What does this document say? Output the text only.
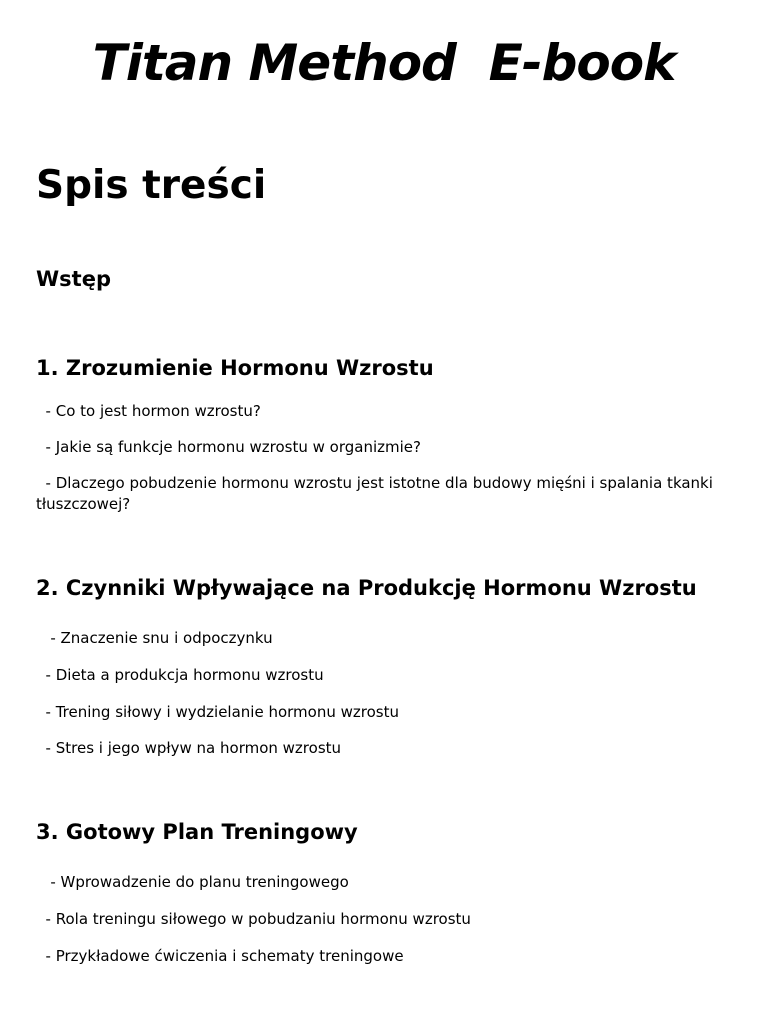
Titan Method  E-book
Spis treści
Wstęp
1. Zrozumienie Hormonu Wzrostu

- Co to jest hormon wzrostu?

- Jakie są funkcje hormonu wzrostu w organizmie?

- Dlaczego pobudzenie hormonu wzrostu jest istotne dla budowy mięśni i spalania tkanki tłuszczowej?

2. Czynniki Wpływające na Produkcję Hormonu Wzrostu

- Znaczenie snu i odpoczynku

- Dieta a produkcja hormonu wzrostu

- Trening siłowy i wydzielanie hormonu wzrostu

- Stres i jego wpływ na hormon wzrostu

3. Gotowy Plan Treningowy

- Wprowadzenie do planu treningowego

- Rola treningu siłowego w pobudzaniu hormonu wzrostu

- Przykładowe ćwiczenia i schematy treningowe
